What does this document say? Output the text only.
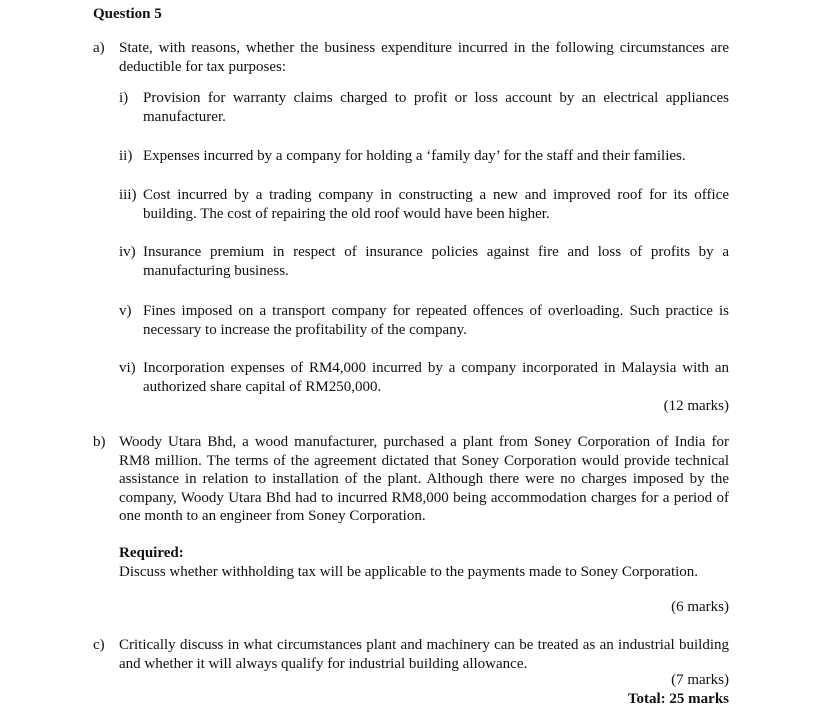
Question 5
a) State, with reasons, whether the business expenditure incurred in the following circumstances are deductible for tax purposes:
i) Provision for warranty claims charged to profit or loss account by an electrical appliances manufacturer.
ii) Expenses incurred by a company for holding a ‘family day’ for the staff and their families.
iii) Cost incurred by a trading company in constructing a new and improved roof for its office building. The cost of repairing the old roof would have been higher.
iv) Insurance premium in respect of insurance policies against fire and loss of profits by a manufacturing business.
v) Fines imposed on a transport company for repeated offences of overloading. Such practice is necessary to increase the profitability of the company.
vi) Incorporation expenses of RM4,000 incurred by a company incorporated in Malaysia with an authorized share capital of RM250,000.
(12 marks)
b) Woody Utara Bhd, a wood manufacturer, purchased a plant from Soney Corporation of India for RM8 million. The terms of the agreement dictated that Soney Corporation would provide technical assistance in relation to installation of the plant. Although there were no charges imposed by the company, Woody Utara Bhd had to incurred RM8,000 being accommodation charges for a period of one month to an engineer from Soney Corporation.
Required:
Discuss whether withholding tax will be applicable to the payments made to Soney Corporation.
(6 marks)
c) Critically discuss in what circumstances plant and machinery can be treated as an industrial building and whether it will always qualify for industrial building allowance.
(7 marks)
Total: 25 marks
